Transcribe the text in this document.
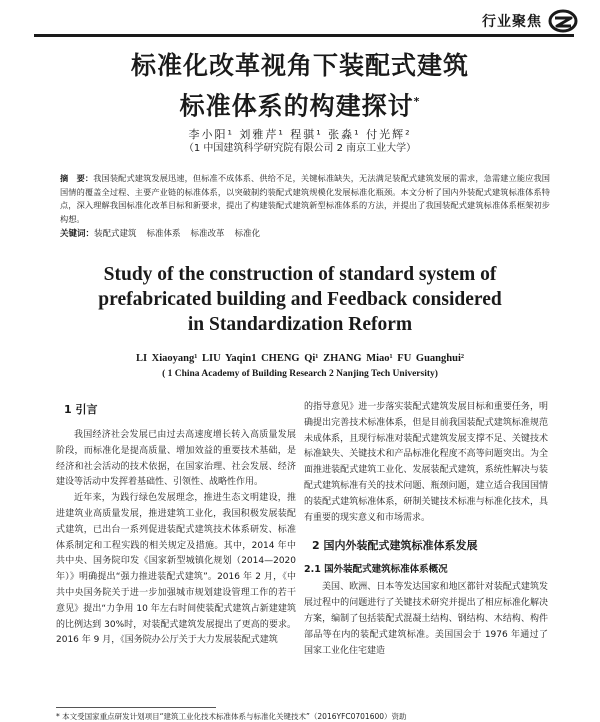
行业聚焦
标准化改革视角下装配式建筑
标准体系的构建探讨*
李小阳¹ 刘雅芹¹ 程骐¹ 张淼¹ 付光辉²
（1 中国建筑科学研究院有限公司 2 南京工业大学）
摘　要：我国装配式建筑发展迅速，但标准不成体系、供给不足，关键标准缺失，无法满足装配式建筑发展的需求，急需建立能应我国国情的覆盖全过程、主要产业链的标准体系，以突破制约装配式建筑规模化发展标准化瓶颈。本文分析了国内外装配式建筑标准体系特点，深入理解我国标准化改革目标和新要求，提出了构建装配式建筑新型标准体系的方法，并提出了我国装配式建筑标准体系框架初步构想。
关键词：装配式建筑 标准体系 标准改革 标准化
Study of the construction of standard system of
prefabricated building and Feedback considered
in Standardization Reform
LI Xiaoyang¹ LIU Yaqin1 CHENG Qi¹ ZHANG Miao¹ FU Guanghui²
( 1 China Academy of Building Research 2 Nanjing Tech University)
1 引言

我国经济社会发展已由过去高速度增长转入高质量发展阶段，而标准化是提高质量、增加效益的重要技术基础，是经济和社会活动的技术依据，在国家治理、社会发展、经济建设等活动中发挥着基础性、引领性、战略性作用。

近年来，为践行绿色发展理念，推进生态文明建设，推进建筑业高质量发展，推进建筑工业化，我国积极发展装配式建筑，已出台一系列促进装配式建筑技术体系研发、标准体系制定和工程实践的相关规定及措施。其中，2014 年中共中央、国务院印发《国家新型城镇化规划（2014—2020 年）》明确提出“强力推进装配式建筑”。2016 年 2 月，《中共中央国务院关于进一步加强城市规划建设管理工作的若干意见》提出“力争用 10 年左右时间使装配式建筑占新建建筑的比例达到 30%时，对装配式建筑发展提出了更高的要求。2016 年 9 月，《国务院办公厅关于大力发展装配式建筑

的指导意见》进一步落实装配式建筑发展目标和重要任务，明确提出完善技术标准体系，但是目前我国装配式建筑标准规范未成体系，且现行标准对装配式建筑发展支撑不足、关键技术标准缺失、关键技术和产品标准化程度不高等问题突出。为全面推进装配式建筑工业化、发展装配式建筑，系统性解决与装配式建筑标准有关的技术问题、瓶颈问题，建立适合我国国情的装配式建筑标准体系，研制关键技术标准与标准化技术，具有重要的现实意义和市场需求。

2 国内外装配式建筑标准体系发展
2.1 国外装配式建筑标准体系概况

美国、欧洲、日本等发达国家和地区都针对装配式建筑发展过程中的问题进行了关键技术研究并提出了相应标准化解决方案，编制了包括装配式混凝土结构、钢结构、木结构、构件部品等在内的装配式建筑标准。美国国会于 1976 年通过了国家工业化住宅建造

* 本文受国家重点研发计划项目“建筑工业化技术标准体系与标准化关键技术”（2016YFC0701600）资助
